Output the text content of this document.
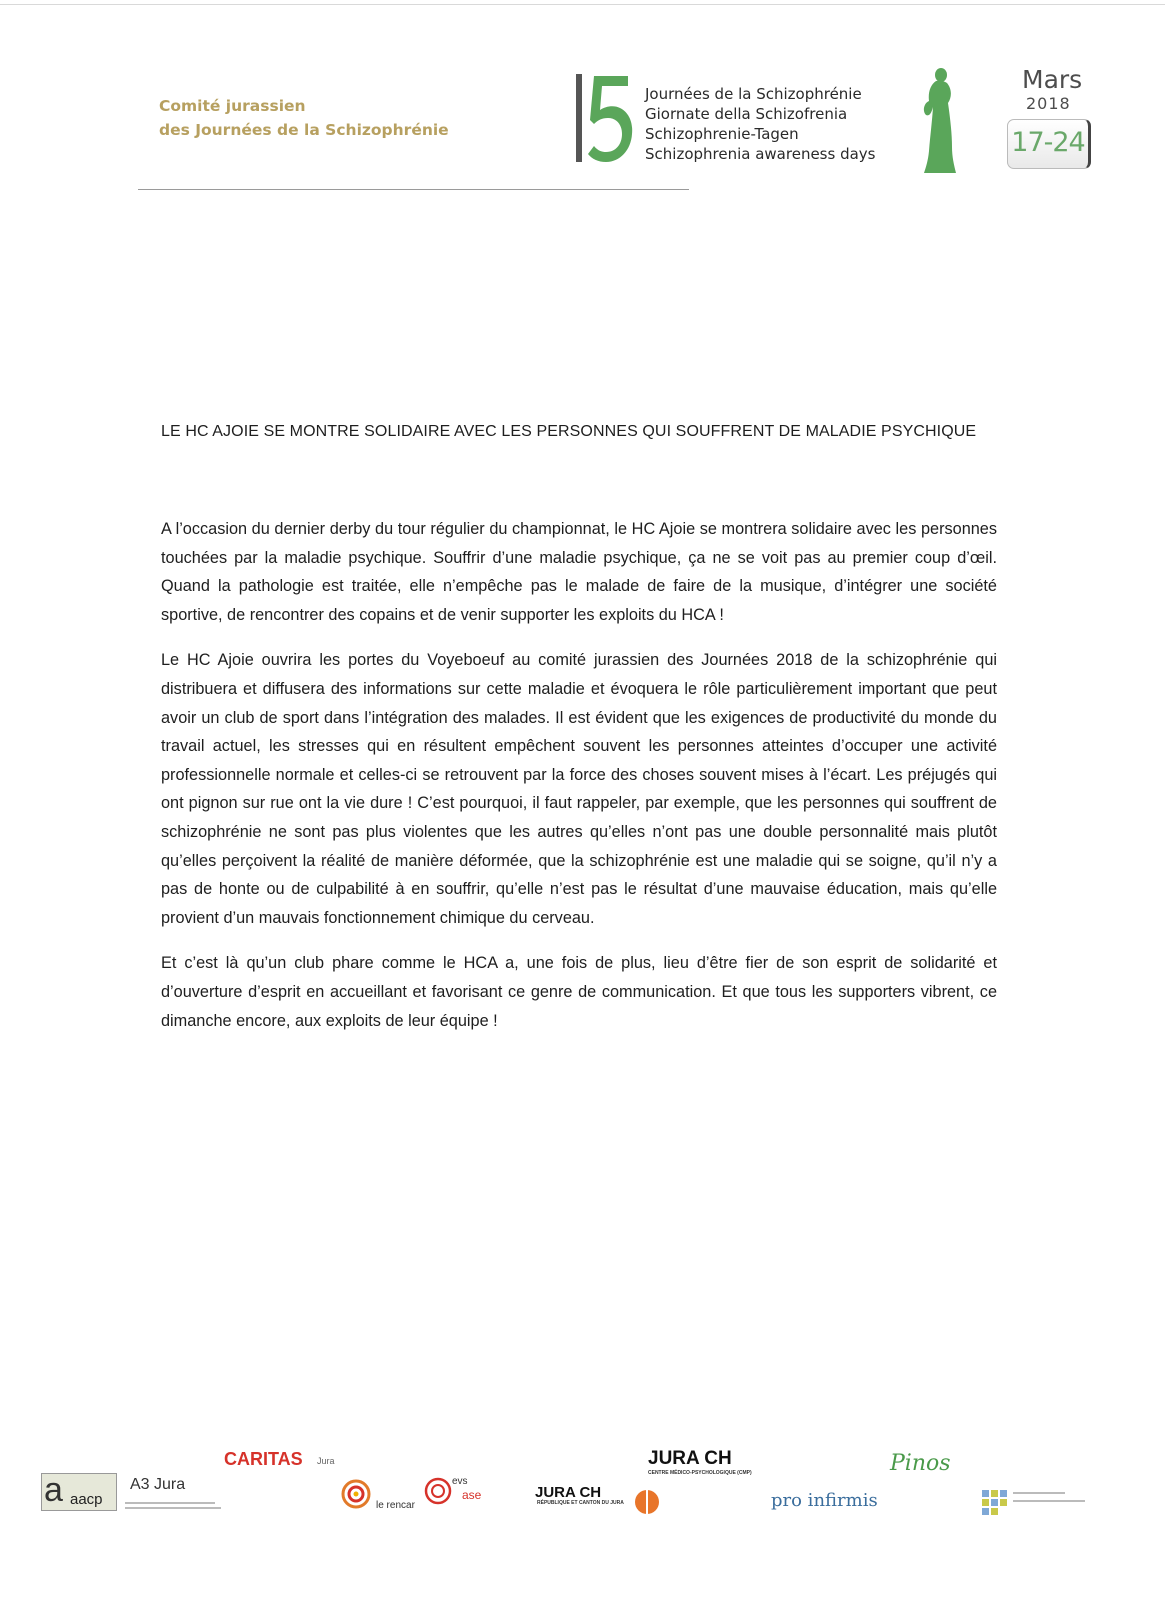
Comité jurassien
des Journées de la Schizophrénie
Journées de la Schizophrénie
Giornate della Schizofrenia
Schizophrenie-Tagen
Schizophrenia awareness days
Mars
2018
17-24
LE HC AJOIE SE MONTRE SOLIDAIRE AVEC LES PERSONNES QUI SOUFFRENT DE MALADIE PSYCHIQUE

A l’occasion du dernier derby du tour régulier du championnat, le HC Ajoie se montrera solidaire avec les personnes touchées par la maladie psychique. Souffrir d’une maladie psychique, ça ne se voit pas au premier coup d’œil. Quand la pathologie est traitée, elle n’empêche pas le malade de faire de la musique, d’intégrer une société sportive, de rencontrer des copains et de venir supporter les exploits du HCA !

Le HC Ajoie ouvrira les portes du Voyeboeuf au comité jurassien des Journées 2018 de la schizophrénie qui distribuera et diffusera des informations sur cette maladie et évoquera le rôle particulièrement important que peut avoir un club de sport dans l’intégration des malades. Il est évident que les exigences de productivité du monde du travail actuel, les stresses qui en résultent empêchent souvent les personnes atteintes d’occuper une activité professionnelle normale et celles-ci se retrouvent par la force des choses souvent mises à l’écart. Les préjugés qui ont pignon sur rue ont la vie dure ! C’est pourquoi, il faut rappeler, par exemple, que les personnes qui souffrent de schizophrénie ne sont pas plus violentes que les autres qu’elles n’ont pas une double personnalité mais plutôt qu’elles perçoivent la réalité de manière déformée, que la schizophrénie est une maladie qui se soigne, qu’il n’y a pas de honte ou de culpabilité à en souffrir, qu’elle n’est pas le résultat d’une mauvaise éducation, mais qu’elle provient d’un mauvais fonctionnement chimique du cerveau.

Et c’est là qu’un club phare comme le HCA a, une fois de plus, lieu d’être fier de son esprit de solidarité et d’ouverture d’esprit en accueillant et favorisant ce genre de communication. Et que tous les supporters vibrent, ce dimanche encore, aux exploits de leur équipe !

a aacp
A3 Jura
CARITAS Jura
le rencar
evs
ase	JURA CH
RÉPUBLIQUE ET CANTON DU JURA
JURA CH
CENTRE MÉDICO-PSYCHOLOGIQUE (CMP)
pro infirmis
Pinos
